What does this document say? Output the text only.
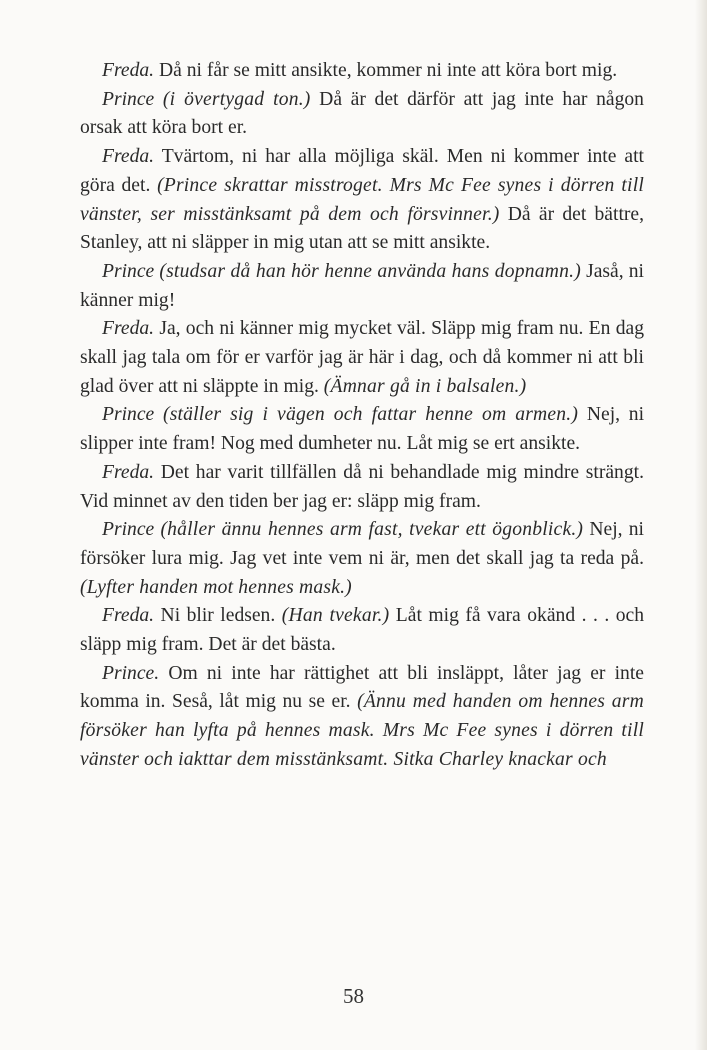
Freda. Då ni får se mitt ansikte, kommer ni inte att köra bort mig.

Prince (i övertygad ton.) Då är det därför att jag inte har någon orsak att köra bort er.

Freda. Tvärtom, ni har alla möjliga skäl. Men ni kommer inte att göra det. (Prince skrattar misstroget. Mrs Mc Fee synes i dörren till vänster, ser misstänksamt på dem och försvinner.) Då är det bättre, Stanley, att ni släpper in mig utan att se mitt ansikte.

Prince (studsar då han hör henne använda hans dopnamn.) Jaså, ni känner mig!

Freda. Ja, och ni känner mig mycket väl. Släpp mig fram nu. En dag skall jag tala om för er varför jag är här i dag, och då kommer ni att bli glad över att ni släppte in mig. (Ämnar gå in i balsalen.)

Prince (ställer sig i vägen och fattar henne om armen.) Nej, ni slipper inte fram! Nog med dumheter nu. Låt mig se ert ansikte.

Freda. Det har varit tillfällen då ni behandlade mig mindre strängt. Vid minnet av den tiden ber jag er: släpp mig fram.

Prince (håller ännu hennes arm fast, tvekar ett ögonblick.) Nej, ni försöker lura mig. Jag vet inte vem ni är, men det skall jag ta reda på. (Lyfter handen mot hennes mask.)

Freda. Ni blir ledsen. (Han tvekar.) Låt mig få vara okänd . . . och släpp mig fram. Det är det bästa.

Prince. Om ni inte har rättighet att bli insläppt, låter jag er inte komma in. Seså, låt mig nu se er. (Ännu med handen om hennes arm försöker han lyfta på hennes mask. Mrs Mc Fee synes i dörren till vänster och iakttar dem misstänksamt. Sitka Charley knackar och

58
